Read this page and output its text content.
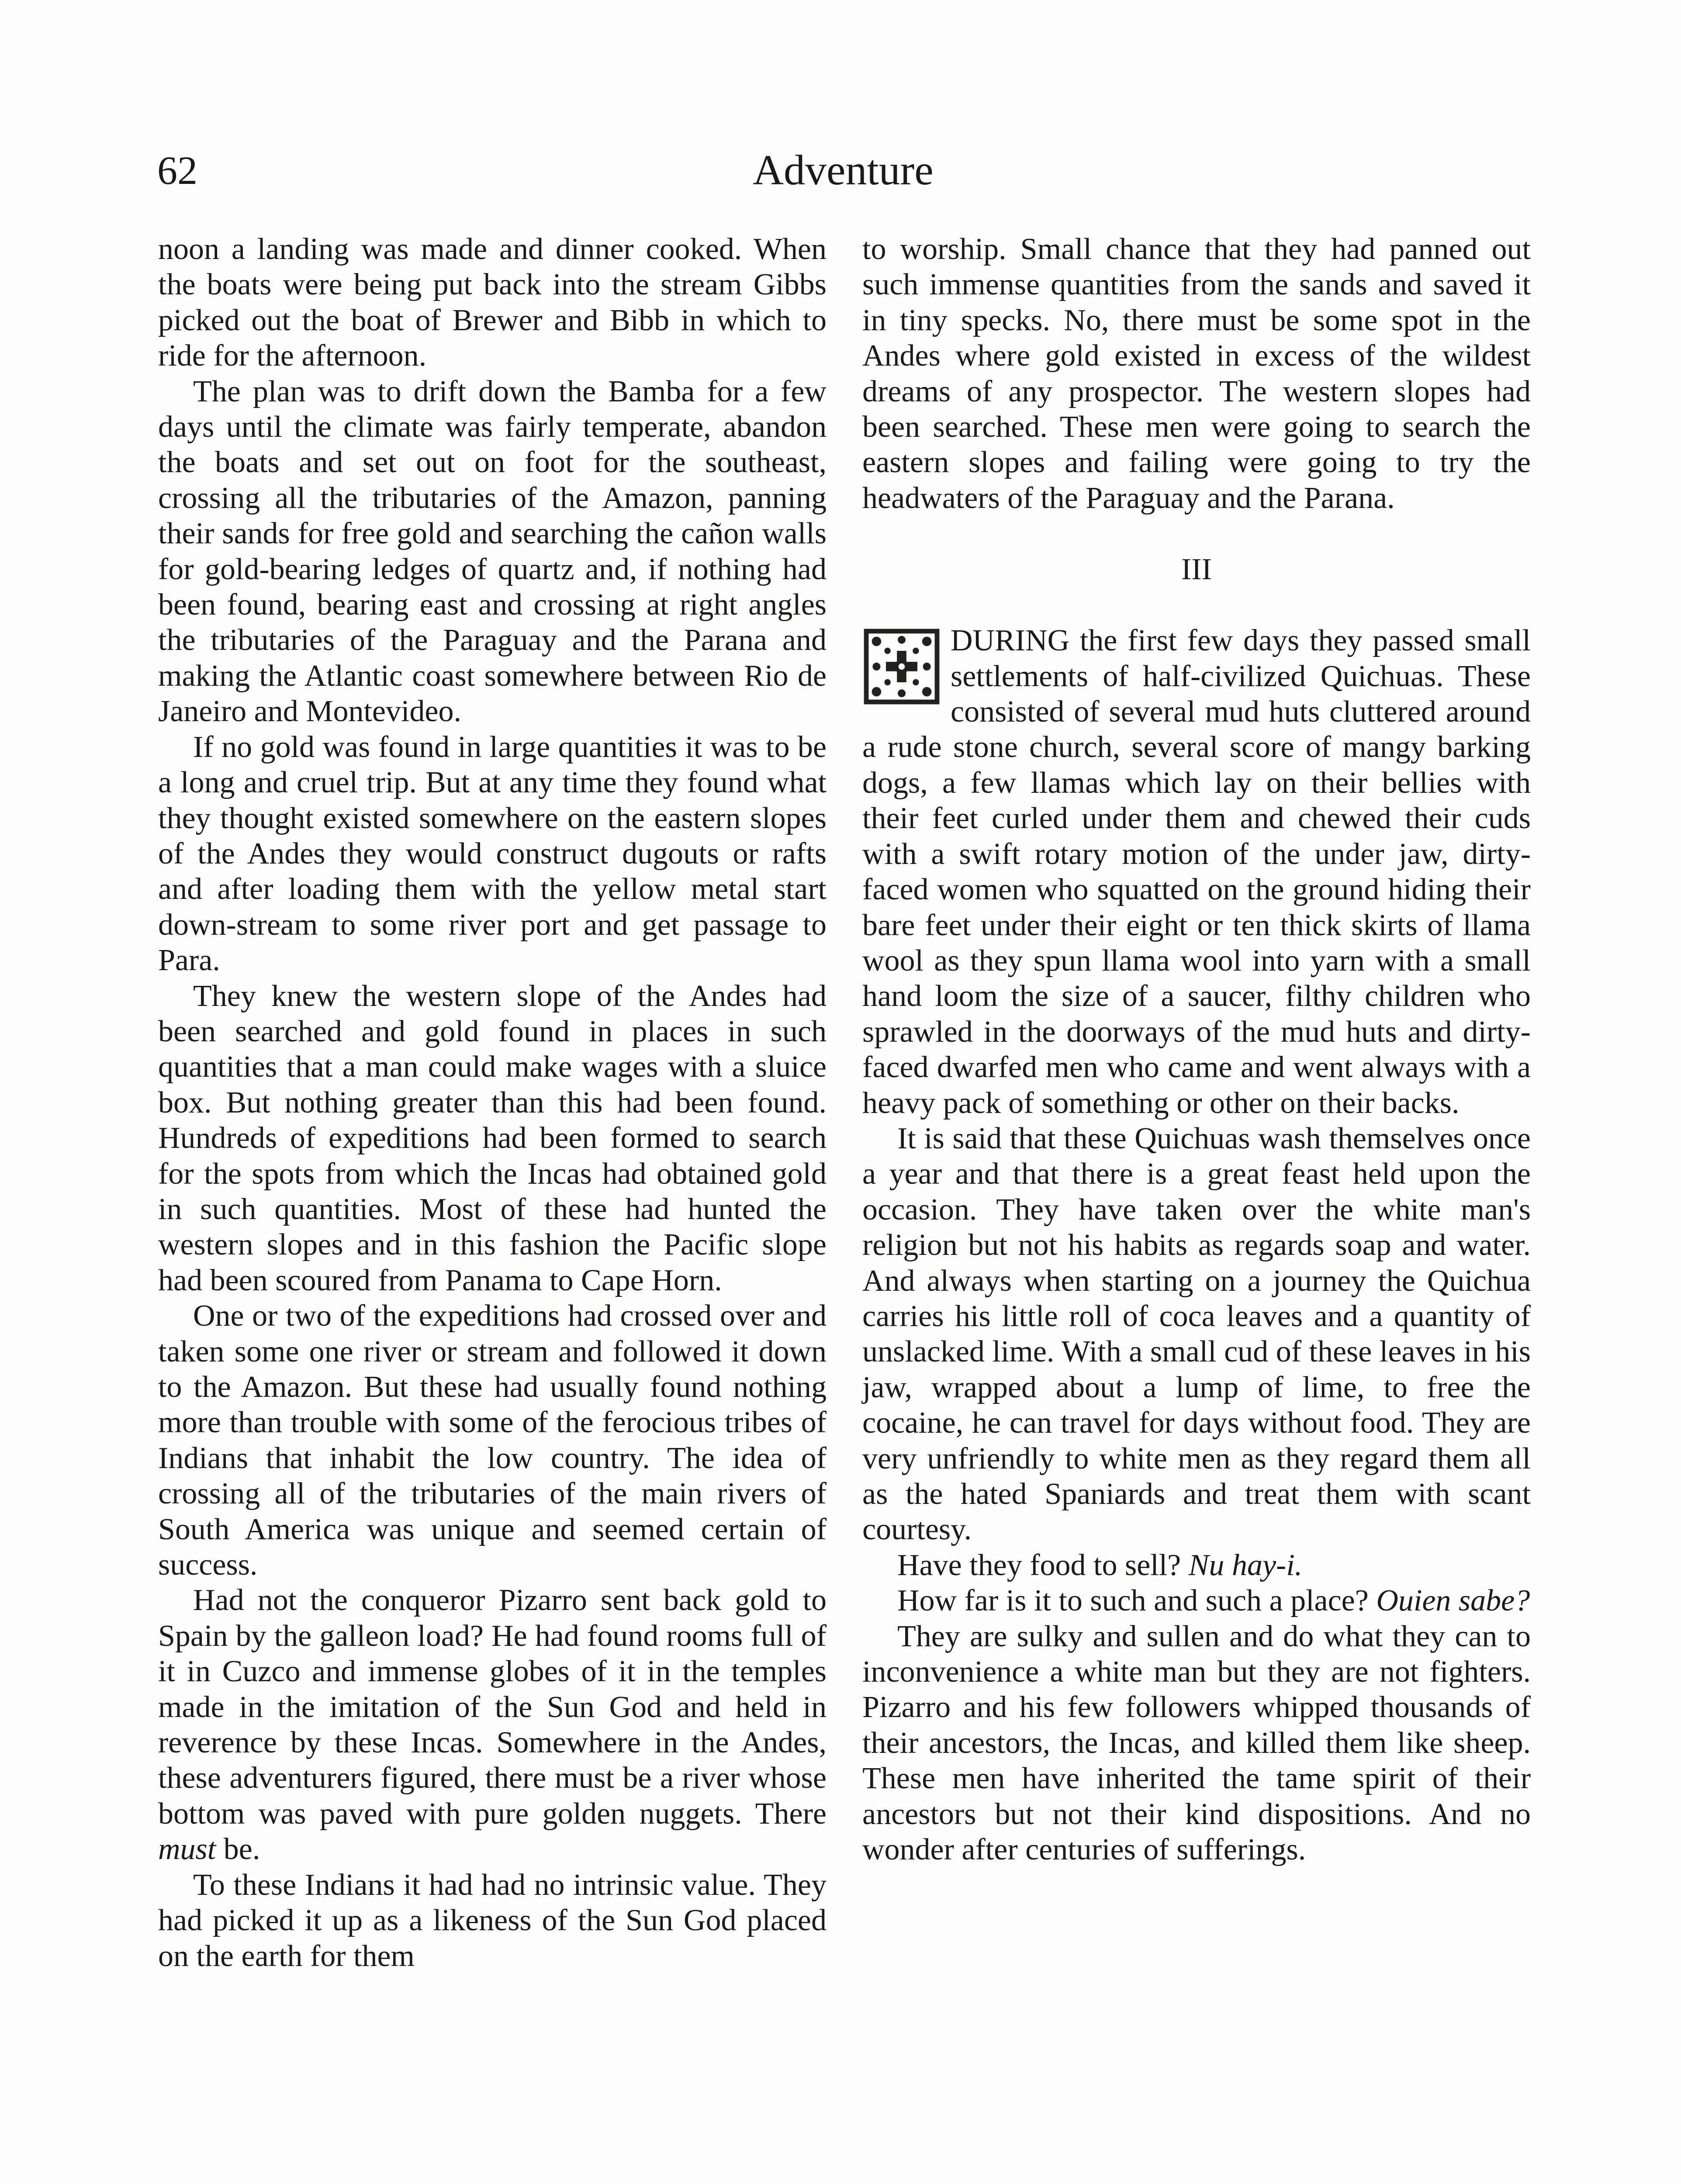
62	Adventure

noon a landing was made and dinner cooked. When the boats were being put back into the stream Gibbs picked out the boat of Brewer and Bibb in which to ride for the afternoon.

The plan was to drift down the Bamba for a few days until the climate was fairly temperate, abandon the boats and set out on foot for the southeast, crossing all the tributaries of the Amazon, panning their sands for free gold and searching the cañon walls for gold-bearing ledges of quartz and, if nothing had been found, bearing east and crossing at right angles the tributaries of the Paraguay and the Parana and making the Atlantic coast somewhere between Rio de Janeiro and Montevideo.

If no gold was found in large quantities it was to be a long and cruel trip. But at any time they found what they thought existed somewhere on the eastern slopes of the Andes they would construct dugouts or rafts and after loading them with the yellow metal start down-stream to some river port and get passage to Para.

They knew the western slope of the Andes had been searched and gold found in places in such quantities that a man could make wages with a sluice box. But nothing greater than this had been found. Hundreds of expeditions had been formed to search for the spots from which the Incas had obtained gold in such quantities. Most of these had hunted the western slopes and in this fashion the Pacific slope had been scoured from Panama to Cape Horn.

One or two of the expeditions had crossed over and taken some one river or stream and followed it down to the Amazon. But these had usually found nothing more than trouble with some of the ferocious tribes of Indians that inhabit the low country. The idea of crossing all of the tributaries of the main rivers of South America was unique and seemed certain of success.

Had not the conqueror Pizarro sent back gold to Spain by the galleon load? He had found rooms full of it in Cuzco and immense globes of it in the temples made in the imitation of the Sun God and held in reverence by these Incas. Somewhere in the Andes, these adventurers figured, there must be a river whose bottom was paved with pure golden nuggets. There must be.

To these Indians it had had no intrinsic value. They had picked it up as a likeness of the Sun God placed on the earth for them

to worship. Small chance that they had panned out such immense quantities from the sands and saved it in tiny specks. No, there must be some spot in the Andes where gold existed in excess of the wildest dreams of any prospector. The western slopes had been searched. These men were going to search the eastern slopes and failing were going to try the headwaters of the Paraguay and the Parana.

III

DURING the first few days they passed small settlements of half-civilized Quichuas. These consisted of several mud huts cluttered around a rude stone church, several score of mangy barking dogs, a few llamas which lay on their bellies with their feet curled under them and chewed their cuds with a swift rotary motion of the under jaw, dirty-faced women who squatted on the ground hiding their bare feet under their eight or ten thick skirts of llama wool as they spun llama wool into yarn with a small hand loom the size of a saucer, filthy children who sprawled in the doorways of the mud huts and dirty-faced dwarfed men who came and went always with a heavy pack of something or other on their backs.

It is said that these Quichuas wash themselves once a year and that there is a great feast held upon the occasion. They have taken over the white man's religion but not his habits as regards soap and water. And always when starting on a journey the Quichua carries his little roll of coca leaves and a quantity of unslacked lime. With a small cud of these leaves in his jaw, wrapped about a lump of lime, to free the cocaine, he can travel for days without food. They are very unfriendly to white men as they regard them all as the hated Spaniards and treat them with scant courtesy.

Have they food to sell? Nu hay-i.

How far is it to such and such a place? Ouien sabe?

They are sulky and sullen and do what they can to inconvenience a white man but they are not fighters. Pizarro and his few followers whipped thousands of their ancestors, the Incas, and killed them like sheep. These men have inherited the tame spirit of their ancestors but not their kind dispositions. And no wonder after centuries of sufferings.
